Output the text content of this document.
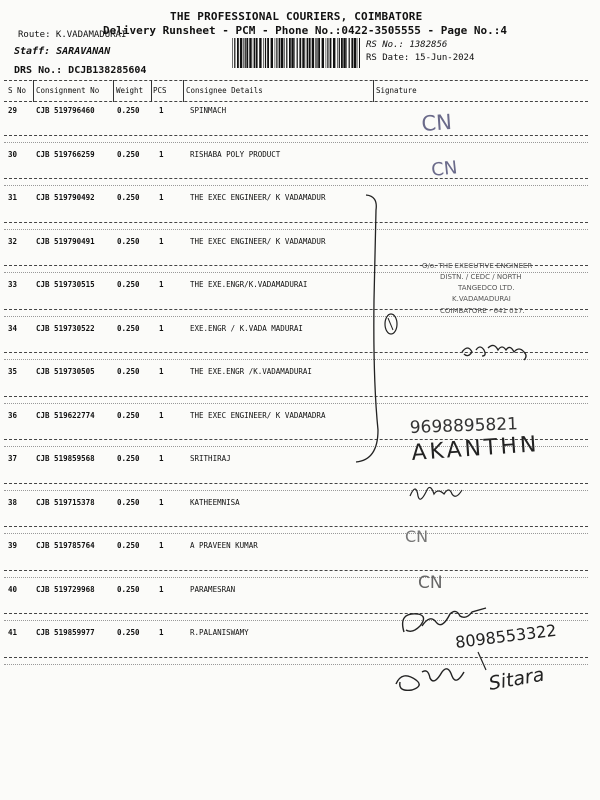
THE PROFESSIONAL COURIERS, COIMBATORE
Delivery Runsheet - PCM - Phone No.:0422-3505555 - Page No.:4
Route: K.VADAMADURAI
Staff: SARAVANAN
DRS No.: DCJB138285604
RS No.: 1382856
RS Date: 15-Jun-2024
S No Consignment No Weight PCS	Consignee Details	Signature
29	CJB 519796460	0.250	1	SPINMACH
30	CJB 519766259	0.250	1	RISHABA POLY PRODUCT
31	CJB 519790492	0.250	1	THE EXEC ENGINEER/ K VADAMADUR
32	CJB 519790491	0.250	1	THE EXEC ENGINEER/ K VADAMADUR
33	CJB 519730515	0.250	1	THE EXE.ENGR/K.VADAMADURAI
34	CJB 519730522	0.250	1	EXE.ENGR / K.VADA MADURAI
35	CJB 519730505	0.250	1	THE EXE.ENGR /K.VADAMADURAI
36	CJB 519622774	0.250	1	THE EXEC ENGINEER/ K VADAMADRA
37	CJB 519859568	0.250	1	SRITHIRAJ
38	CJB 519715378	0.250	1	KATHEEMNISA
39	CJB 519785764	0.250	1	A PRAVEEN KUMAR
40	CJB 519729968	0.250	1	PARAMESRAN
41	CJB 519859977	0.250	1	R.PALANISWAMY
CN
CN
O/o. THE EXECUTIVE ENGINEER
DISTN. / CEDC / NORTH
TANGEDCO LTD.
K.VADAMADURAI
COIMBATORE - 641 017.
9698895821
AKANTHN
CN
CN
8098553322
Sitara
